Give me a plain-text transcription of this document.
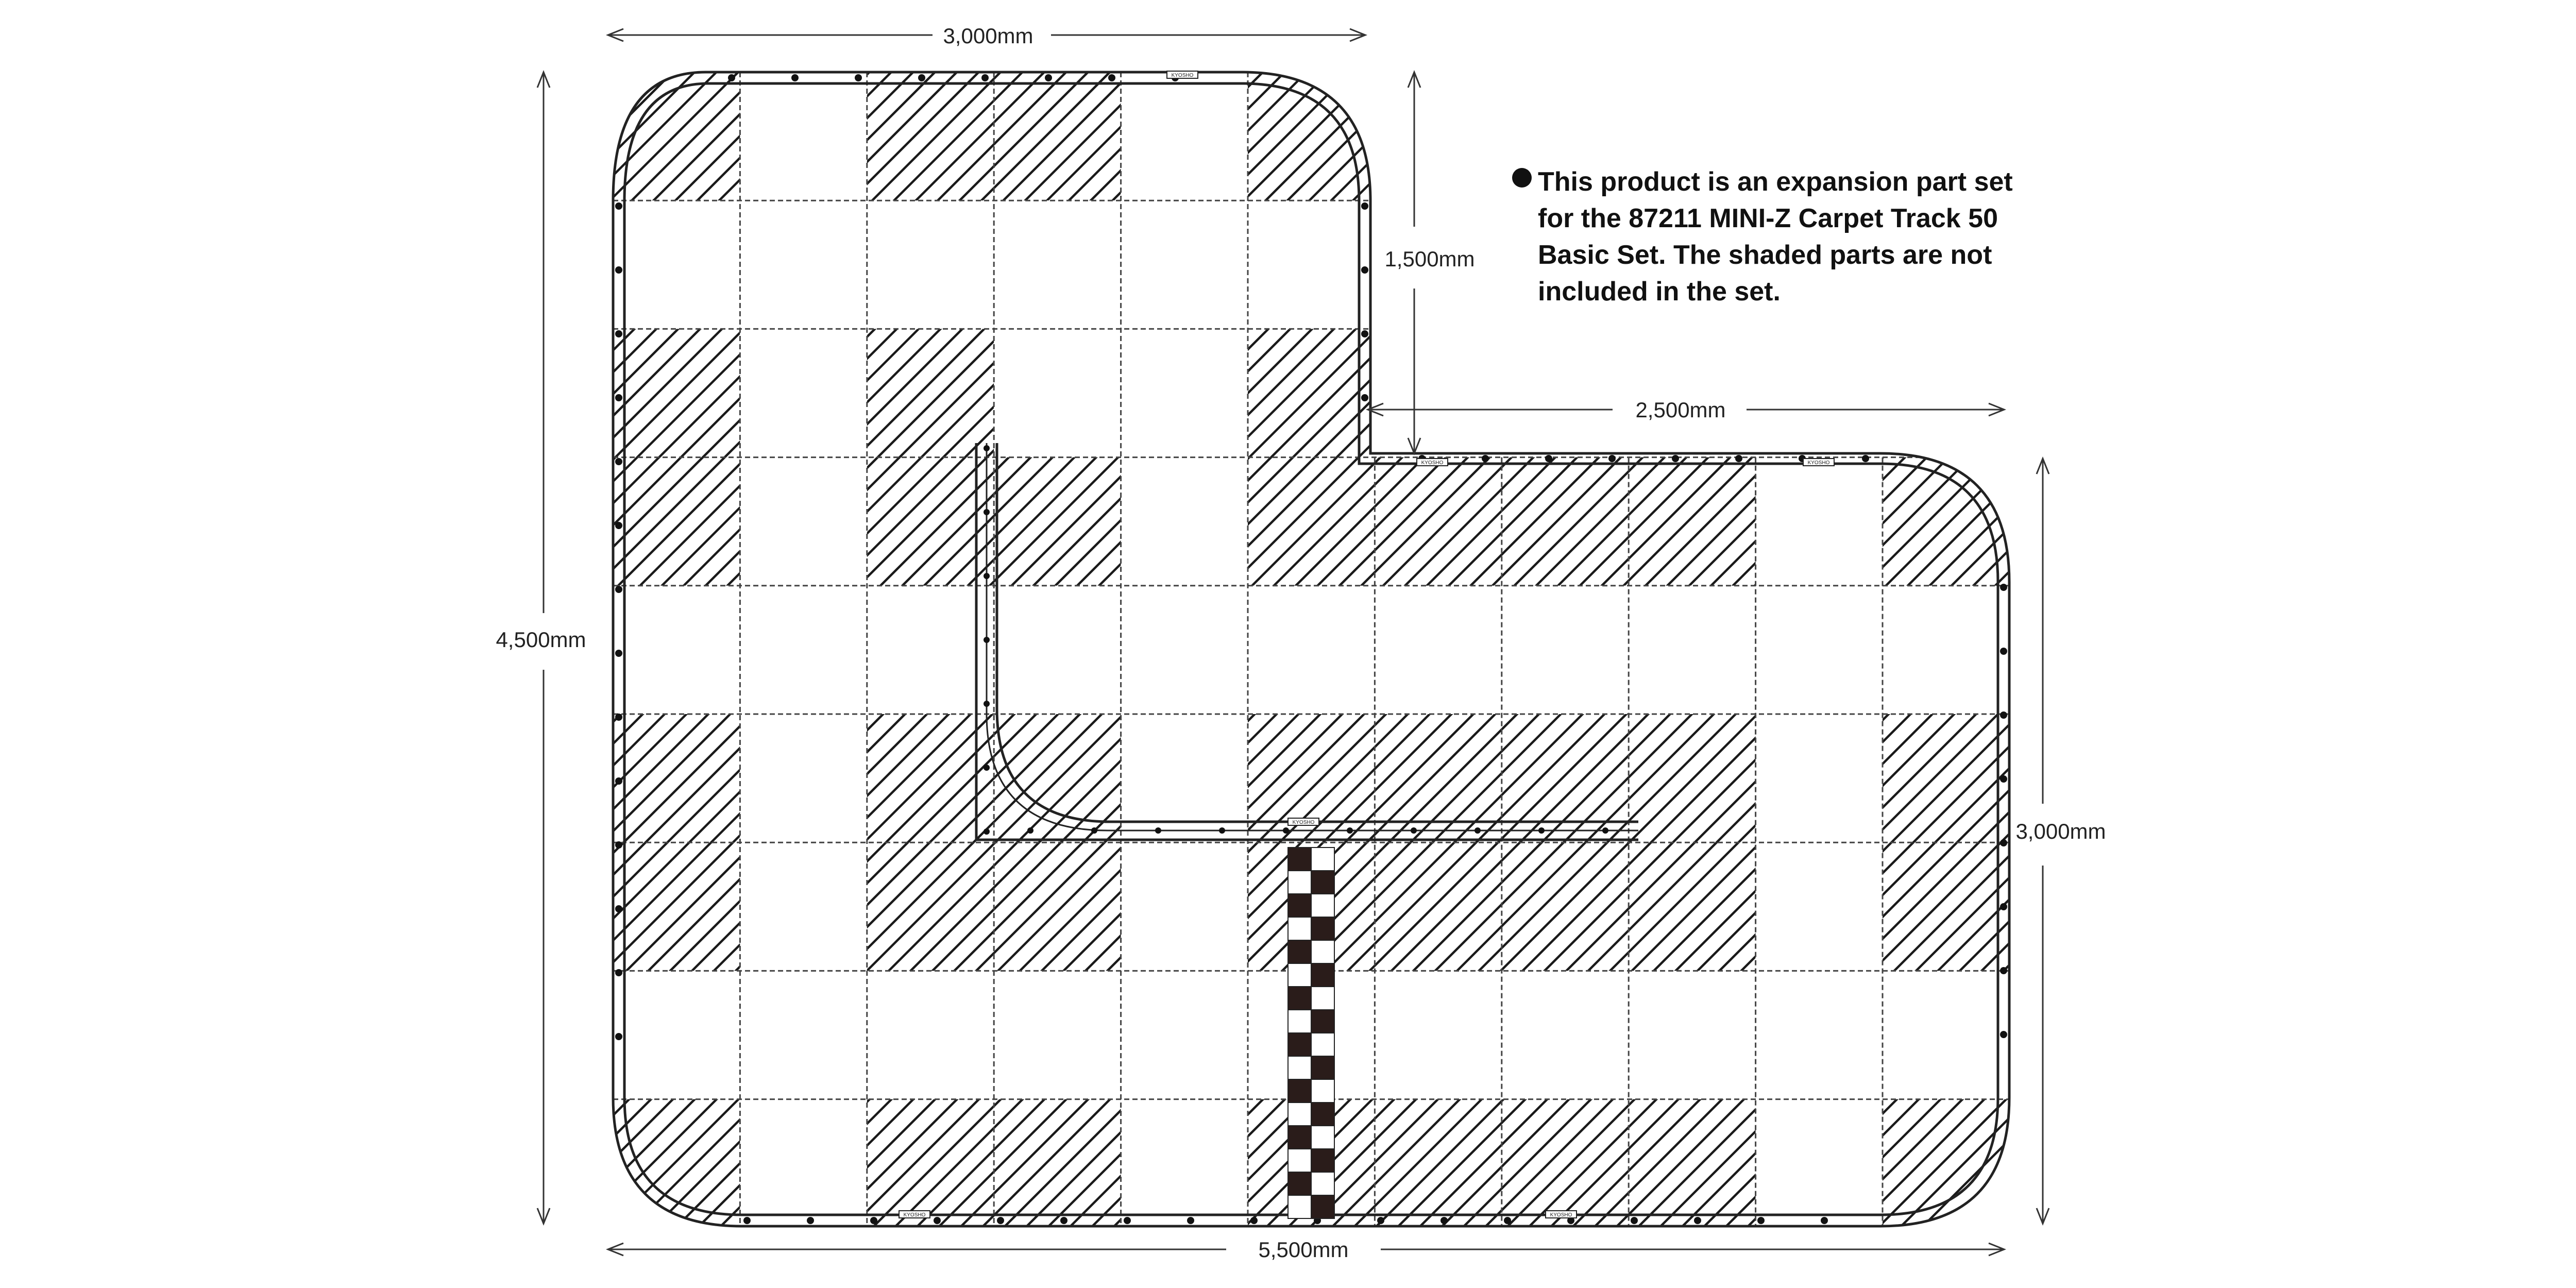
KYOSHO
KYOSHO	KYOSHO
KYOSHO
KYOSHO	KYOSHO
3,000mm
1,500mm
2,500mm
4,500mm
3,000mm
5,500mm
This product is an expansion part set
for the 87211 MINI-Z Carpet Track 50
Basic Set. The shaded parts are not
included in the set.
